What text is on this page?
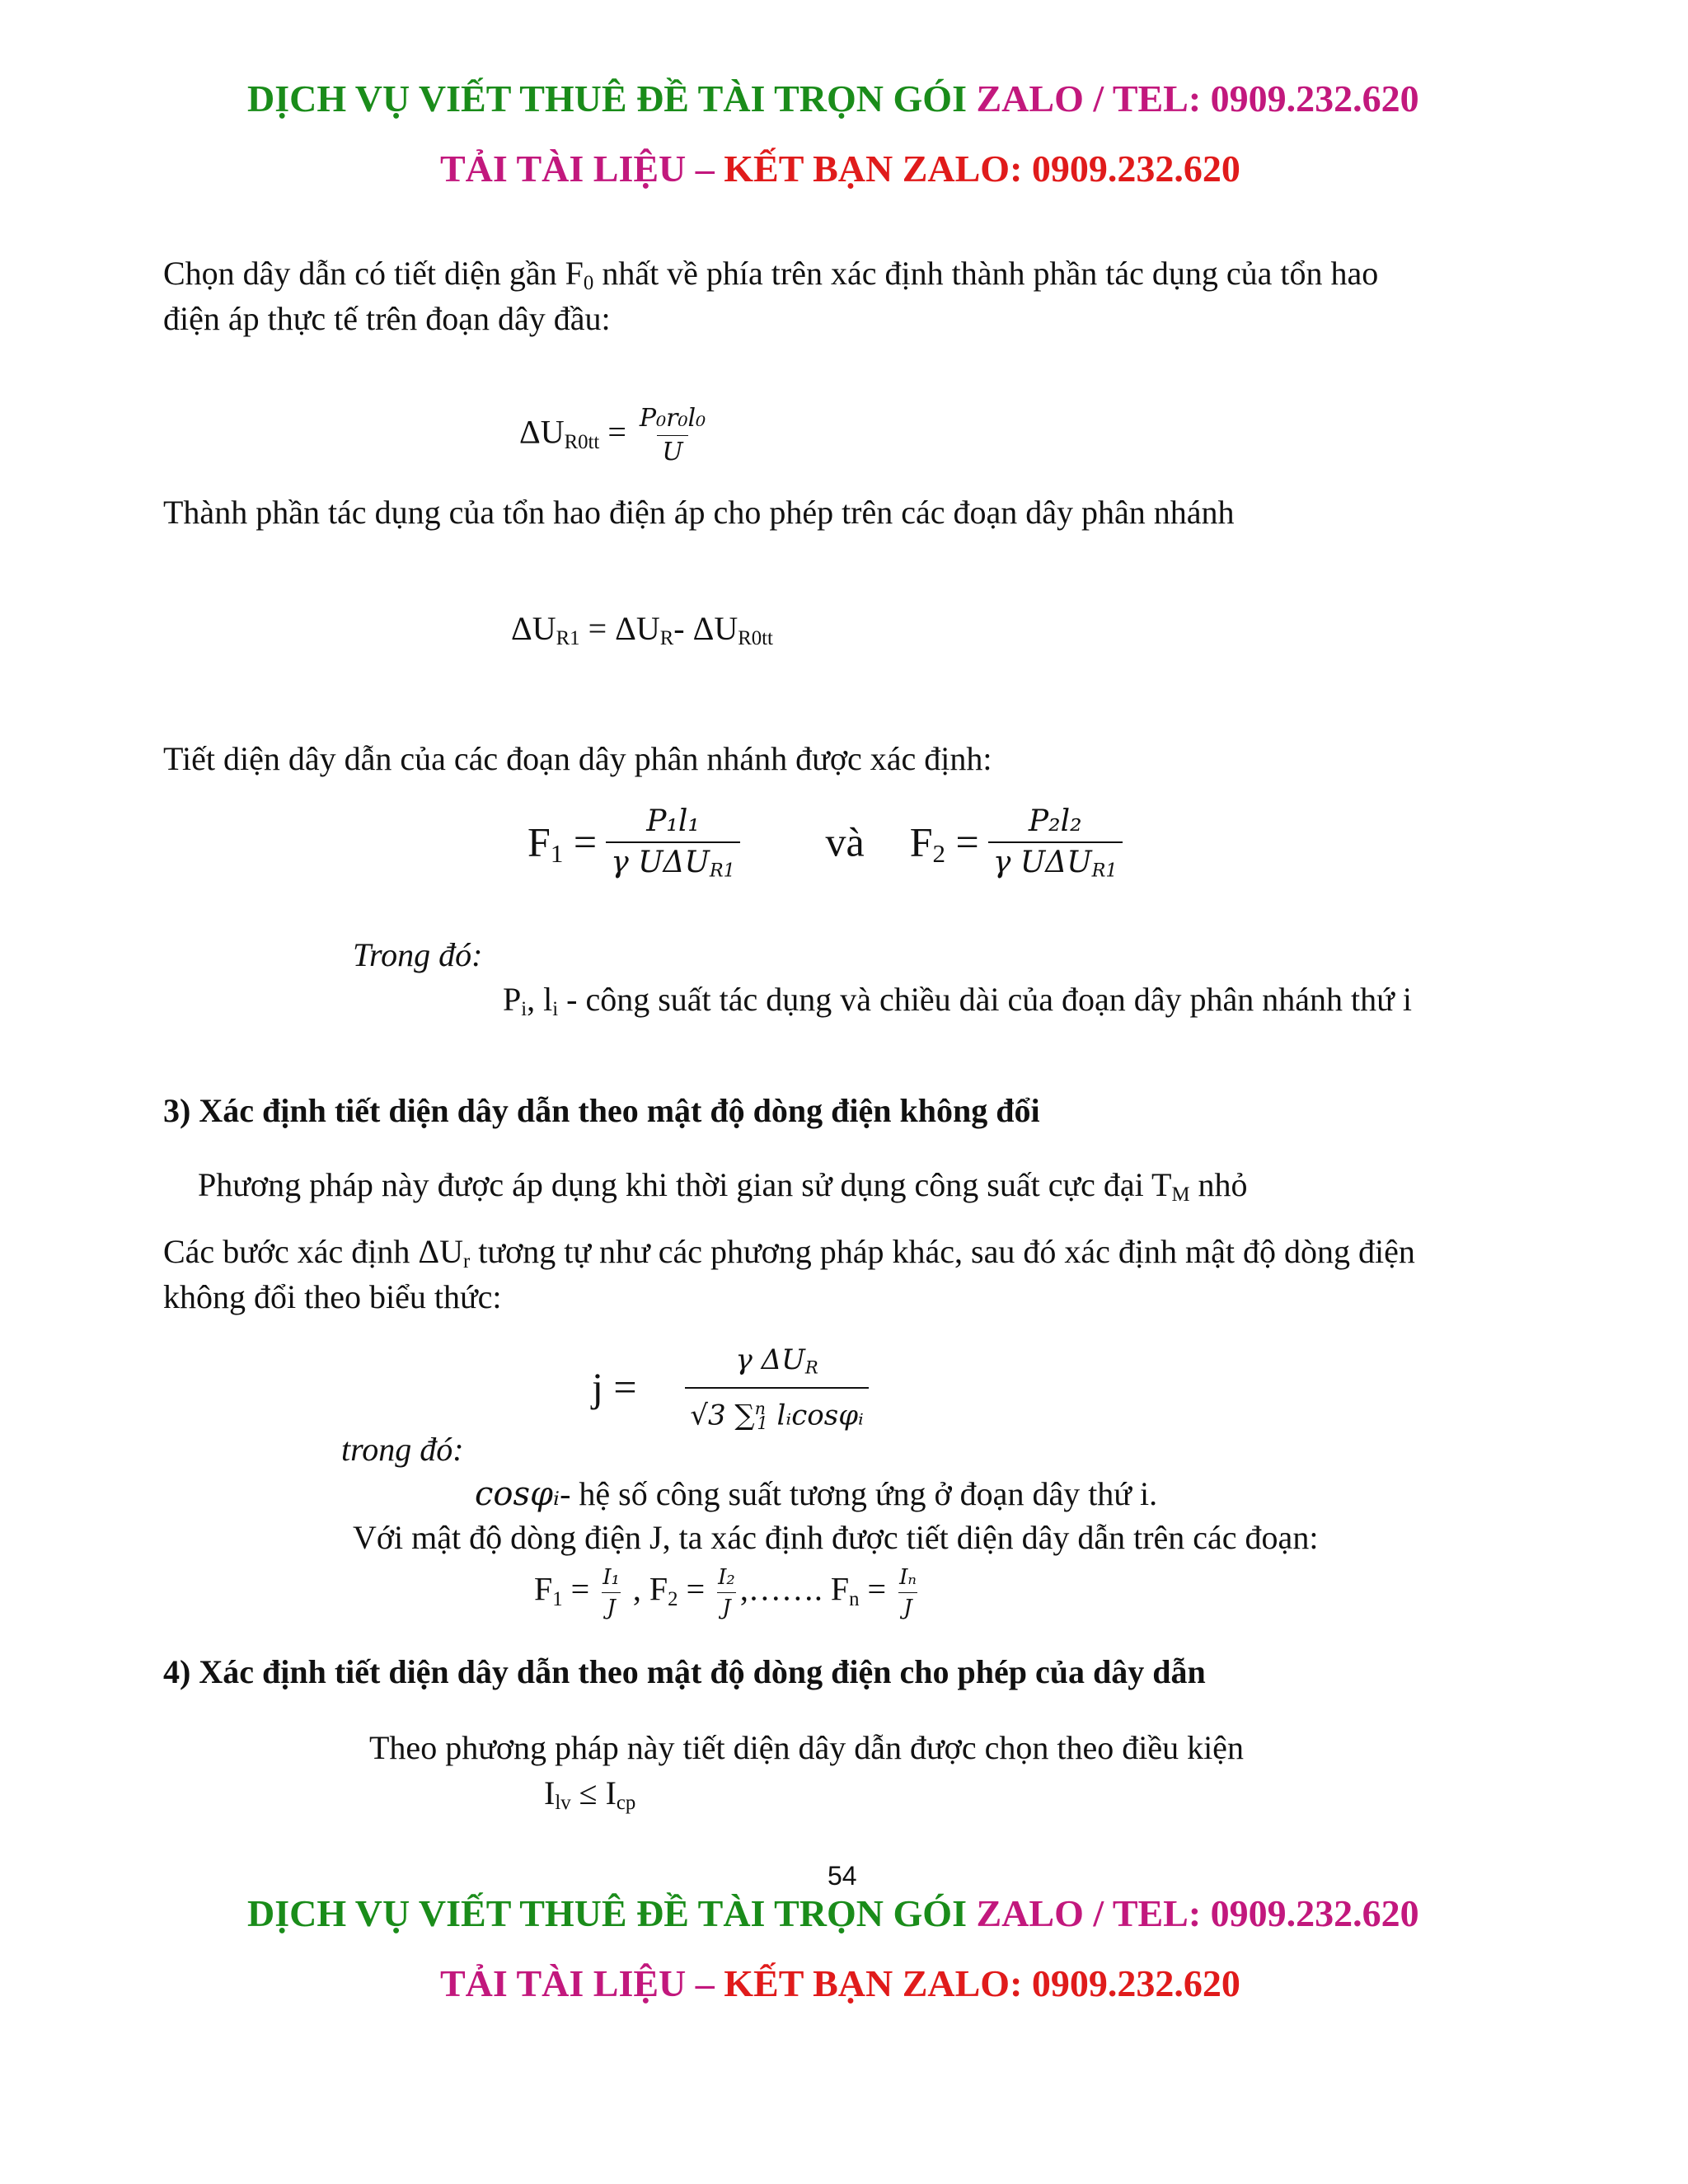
DỊCH VỤ VIẾT THUÊ ĐỀ TÀI TRỌN GÓI ZALO / TEL: 0909.232.620
TẢI TÀI LIỆU – KẾT BẠN ZALO: 0909.232.620
Chọn dây dẫn có tiết diện gần $F_0$ nhất về phía trên xác định thành phần tác dụng của tổn hao
điện áp thực tế trên đoạn dây đầu:
$\Delta U_{R0tt} = \frac{\text{P₀r₀l₀}}{U}$
Thành phần tác dụng của tổn hao điện áp cho phép trên các đoạn dây phân nhánh
$\Delta U_{R1} = \Delta U_R-$ $\Delta U_{R0tt}$
Tiết diện dây dẫn của các đoạn dây phân nhánh được xác định:
$F_1 = \frac{\text{P₁l₁}}{\gamma U\Delta U_{R1}}$ và $F_2 = \frac{\text{P₂l₂}}{\gamma U\Delta U_{R1}}$
Trong đó:
$P_i$, $l_i$ - công suất tác dụng và chiều dài của đoạn dây phân nhánh thứ i
3) Xác định tiết diện dây dẫn theo mật độ dòng điện không đổi
Phương pháp này được áp dụng khi thời gian sử dụng công suất cực đại $T_M$ nhỏ
Các bước xác định $\Delta U_r$ tương tự như các phương pháp khác, sau đó xác định mật độ dòng điện
không đổi theo biểu thức:
$j = \frac{\gamma \Delta U_R}{√3 \sum^n_1 lᵢ\cos\varphi ᵢ}$
trong đó:
cosφᵢ- hệ số công suất tương ứng ở đoạn dây thứ i.
Với mật độ dòng điện J, ta xác định được tiết diện dây dẫn trên các đoạn:
$F_1 = \frac{\text{I₁}}{J}$ , $F_2 = \frac{\text{I₂}}{J}$ ,……. $F_n = \frac{\text{Iₙ}}{J}$
4) Xác định tiết diện dây dẫn theo mật độ dòng điện cho phép của dây dẫn
Theo phương pháp này tiết diện dây dẫn được chọn theo điều kiện
$I_{lv} \le I_{cp}$
54
DỊCH VỤ VIẾT THUÊ ĐỀ TÀI TRỌN GÓI ZALO / TEL: 0909.232.620
TẢI TÀI LIỆU – KẾT BẠN ZALO: 0909.232.620
